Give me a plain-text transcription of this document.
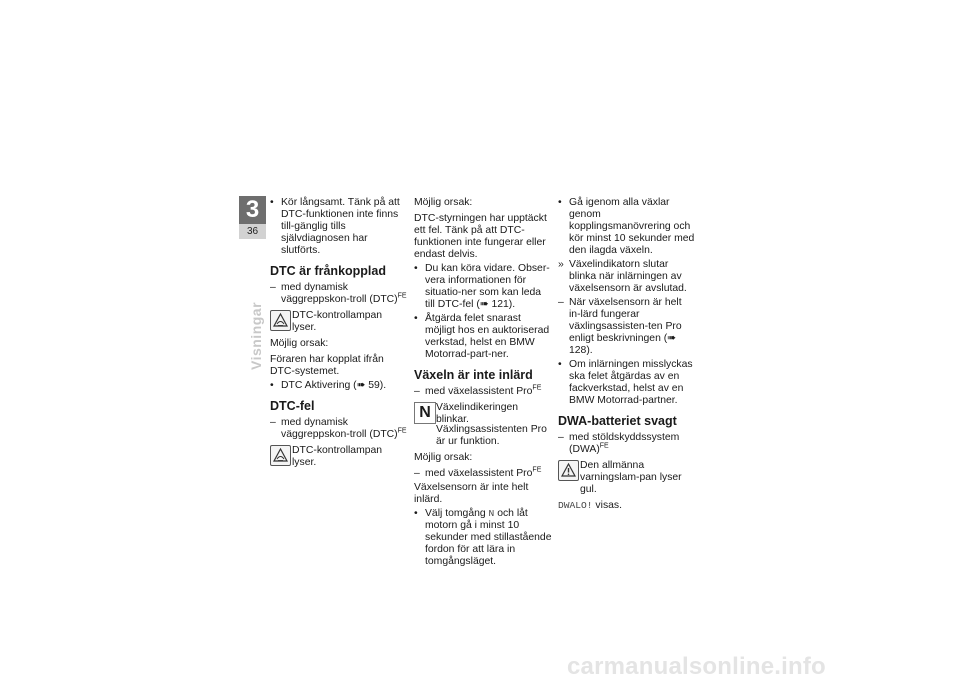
3
36
Visningar
• Kör långsamt. Tänk på att DTC-funktionen inte finns till-gänglig tills självdiagnosen har slutförts.
DTC är frånkopplad
– med dynamisk väggreppskon-troll (DTC)$^{FE}$
DTC-kontrollampan lyser.

Möjlig orsak:

Föraren har kopplat ifrån DTC-systemet.

• DTC Aktivering (➠ 59).
DTC-fel
– med dynamisk väggreppskon-troll (DTC)$^{FE}$
DTC-kontrollampan lyser.

Möjlig orsak:

DTC-styrningen har upptäckt ett fel. Tänk på att DTC-funktionen inte fungerar eller endast delvis.

• Du kan köra vidare. Obser-vera informationen för situatio-ner som kan leda till DTC-fel (➠ 121).
• Åtgärda felet snarast möjligt hos en auktoriserad verkstad, helst en BMW Motorrad-part-ner.
Växeln är inte inlärd
– med växelassistent Pro$^{FE}$
N Växelindikeringen blinkar.

Växlingsassistenten Pro är ur funktion.

Möjlig orsak:

– med växelassistent Pro$^{FE}$

Växelsensorn är inte helt inlärd.

• Välj tomgång N och låt motorn gå i minst 10 sekunder med stillastående fordon för att lära in tomgångsläget.
• Gå igenom alla växlar genom kopplingsmanövrering och kör minst 10 sekunder med den ilagda växeln.
» Växelindikatorn slutar blinka när inlärningen av växelsensorn är avslutad.
– När växelsensorn är helt in-lärd fungerar växlingsassisten-ten Pro enligt beskrivningen (➠ 128).
• Om inlärningen misslyckas ska felet åtgärdas av en fackverkstad, helst av en BMW Motorrad-partner.
DWA-batteriet svagt
– med stöldskyddssystem (DWA)$^{FE}$
Den allmänna varningslam-pan lyser gul.

DWALO! visas.

carmanualsonline.info
